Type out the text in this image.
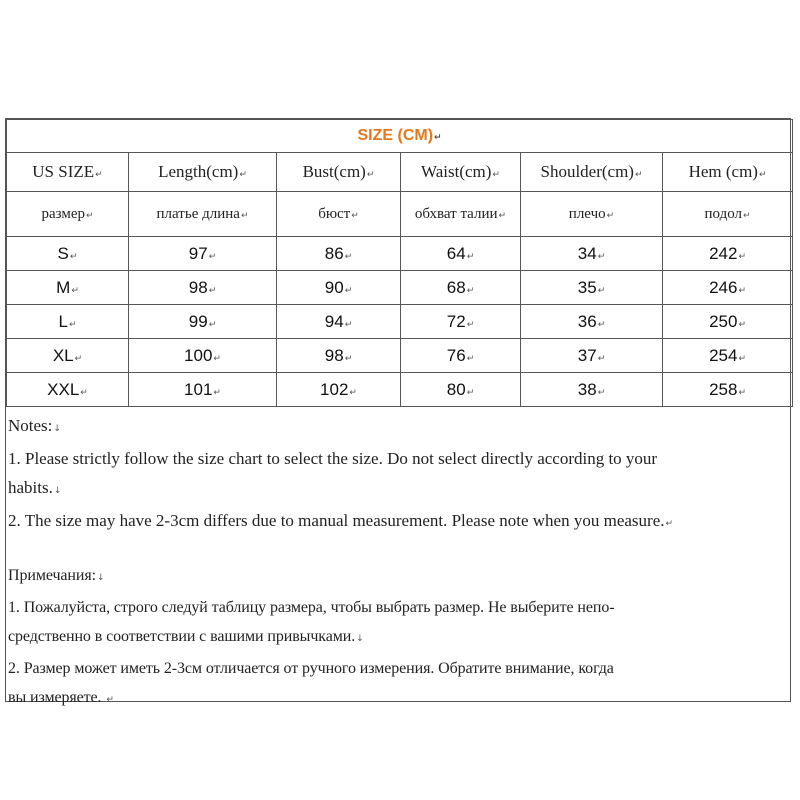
SIZE (CM)↵					
US SIZE↵	Length(cm)↵	Bust(cm)↵	Waist(cm)↵	Shoulder(cm)↵	Hem (cm)↵
размер↵	платье длина↵	бюст↵	обхват талии↵	плечо↵	подол↵
S↵	97↵	86↵	64↵	34↵	242↵
M↵	98↵	90↵	68↵	35↵	246↵
L↵	99↵	94↵	72↵	36↵	250↵
XL↵	100↵	98↵	76↵	37↵	254↵
XXL↵	101↵	102↵	80↵	38↵	258↵

Notes:↓

1. Please strictly follow the size chart to select the size. Do not select directly according to your

habits.↓

2. The size may have 2-3cm differs due to manual measurement. Please note when you measure.↵

Примечания:↓

1. Пожалуйста, строго следуй таблицу размера, чтобы выбрать размер. Не выберите непо-

средственно в соответствии с вашими привычками.↓

2. Размер может иметь 2-3см отличается от ручного измерения. Обратите внимание, когда

вы измеряете. ↵
